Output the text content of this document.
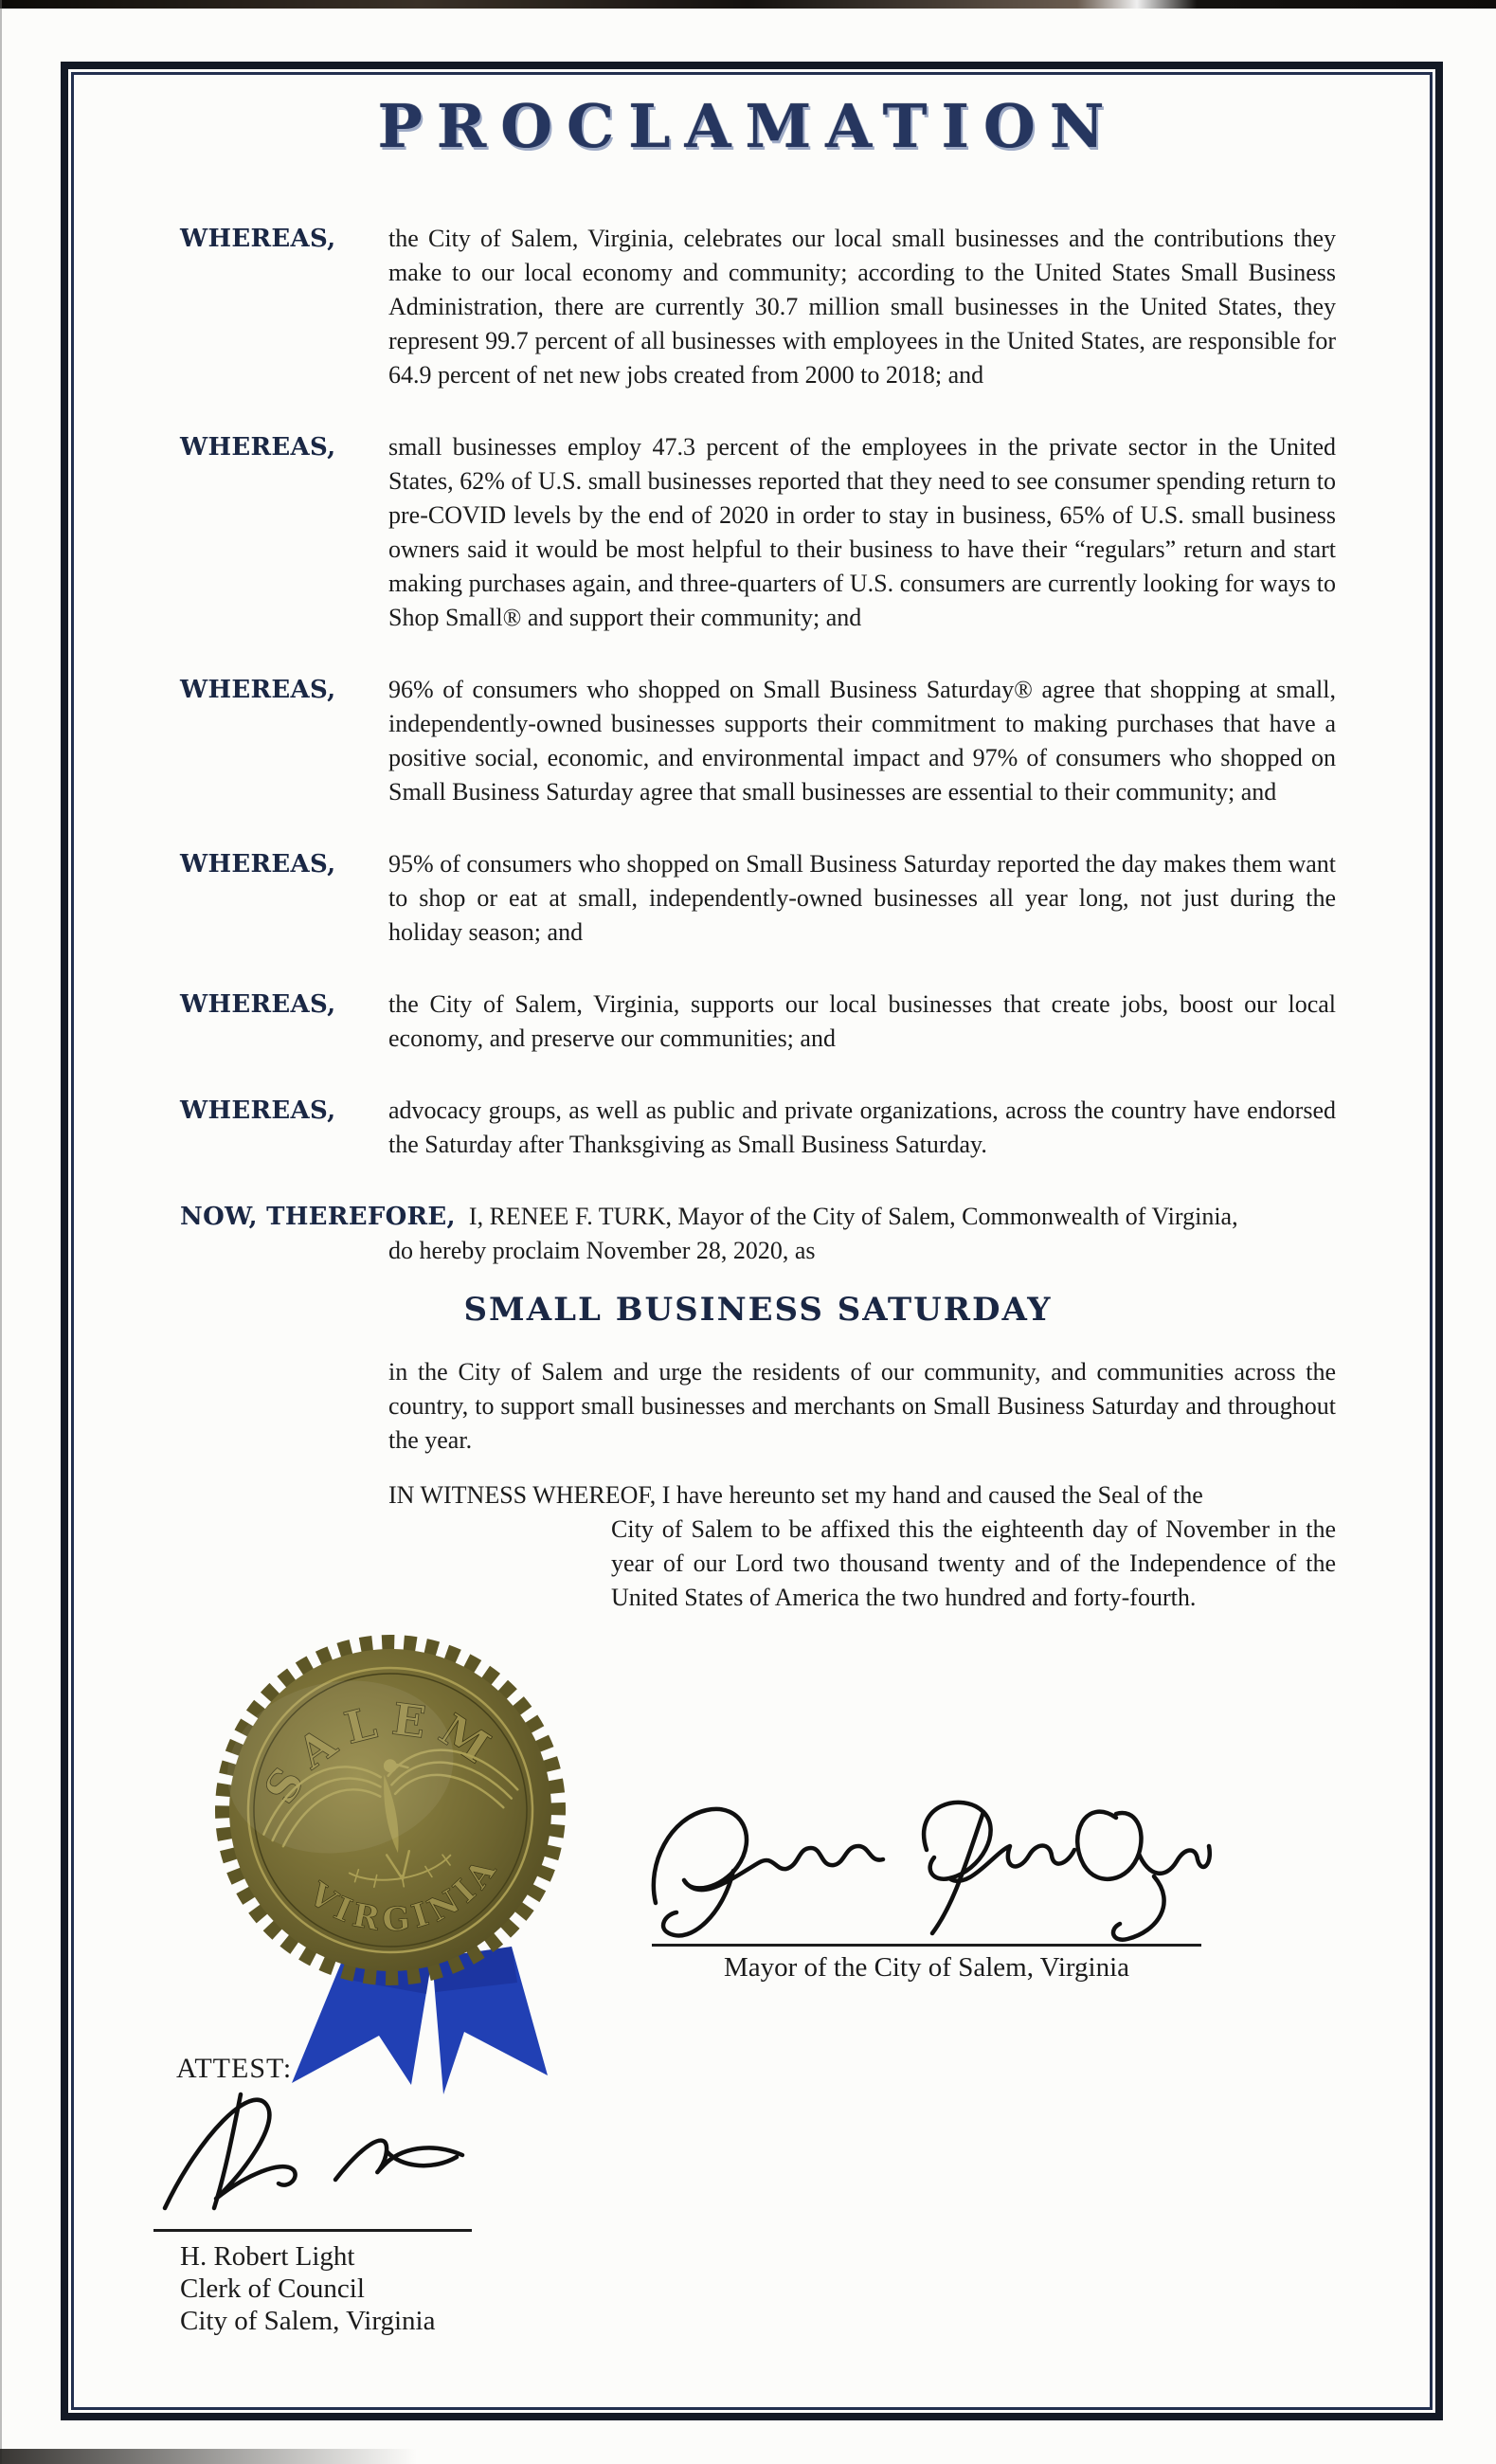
PROCLAMATION
WHEREAS,	the City of Salem, Virginia, celebrates our local small businesses and the contributions they make to our local economy and community; according to the United States Small Business Administration, there are currently 30.7 million small businesses in the United States, they represent 99.7 percent of all businesses with employees in the United States, are responsible for 64.9 percent of net new jobs created from 2000 to 2018; and
WHEREAS,	small businesses employ 47.3 percent of the employees in the private sector in the United States, 62% of U.S. small businesses reported that they need to see consumer spending return to pre-COVID levels by the end of 2020 in order to stay in business, 65% of U.S. small business owners said it would be most helpful to their business to have their “regulars” return and start making purchases again, and three-quarters of U.S. consumers are currently looking for ways to Shop Small® and support their community; and
WHEREAS,	96% of consumers who shopped on Small Business Saturday® agree that shopping at small, independently-owned businesses supports their commitment to making purchases that have a positive social, economic, and environmental impact and 97% of consumers who shopped on Small Business Saturday agree that small businesses are essential to their community; and
WHEREAS,	95% of consumers who shopped on Small Business Saturday reported the day makes them want to shop or eat at small, independently-owned businesses all year long, not just during the holiday season; and
WHEREAS,	the City of Salem, Virginia, supports our local businesses that create jobs, boost our local economy, and preserve our communities; and
WHEREAS,	advocacy groups, as well as public and private organizations, across the country have endorsed the Saturday after Thanksgiving as Small Business Saturday.
NOW, THEREFORE, I, RENEE F. TURK, Mayor of the City of Salem, Commonwealth of Virginia,
do hereby proclaim November 28, 2020, as
SMALL BUSINESS SATURDAY
in the City of Salem and urge the residents of our community, and communities across the country, to support small businesses and merchants on Small Business Saturday and throughout the year.
IN WITNESS WHEREOF, I have hereunto set my hand and caused the Seal of the
City of Salem to be affixed this the eighteenth day of November in the year of our Lord two thousand twenty and of the Independence of the United States of America the two hundred and forty-fourth.
SALEM
VIRGINIA
Mayor of the City of Salem, Virginia
ATTEST:
H. Robert Light
Clerk of Council
City of Salem, Virginia
